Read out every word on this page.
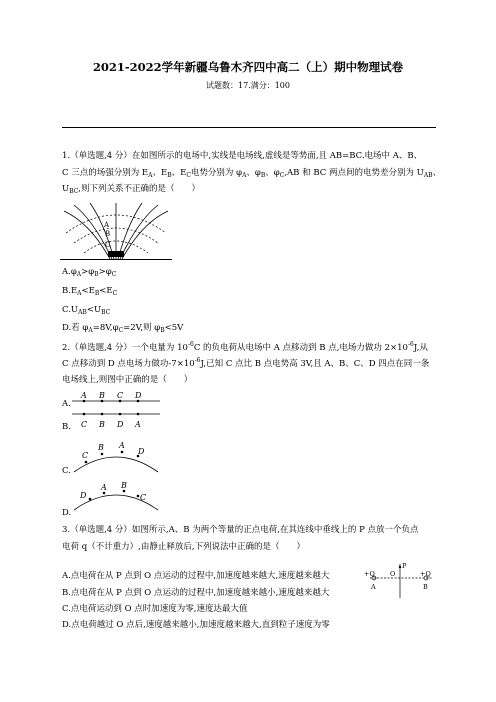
2021-2022学年新疆乌鲁木齐四中高二（上）期中物理试卷
试题数：17.满分：100
1.（单选题,4 分）在如图所示的电场中,实线是电场线,虚线是等势面,且 AB=BC.电场中 A、B、
C 三点的场强分别为 $E_A$、$E_B$、$E_C$电势分别为 $\varphi_A$、$\varphi_B$、$\varphi_C,AB$ 和 BC 两点间的电势差分别为 $U_{AB}$、
$U_{BC}$,则下列关系不正确的是（　　）
A
B
C
$A.\varphi_A>\varphi_B>\varphi_C$
$B.E_A<E_B<E_C$
$C.U_{AB}<U_{BC}$
D.若 $\varphi_A=8V,\varphi_C=2V$,则 $\varphi_B<5V$
2.（单选题,4 分）一个电量为 $10^{-6}C$ 的负电荷从电场中 A 点移动到 B 点,电场力做功 $2\times 10^{-6}J$,从
C 点移动到 D 点电场力做功$-7\times 10^{-6}J$,已知 C 点比 B 点电势高 3V,且 A、B、C、D 四点在同一条
电场线上,则图中正确的是（　　）
A.
A B C D
B. C B D A
C.
C
B A
D
D.
D
A B
C
3.（单选题,4 分）如图所示,A、B 为两个等量的正点电荷,在其连线中垂线上的 P 点放一个负点
电荷 q（不计重力）,由静止释放后,下列说法中正确的是（　　）
A.点电荷在从 P 点到 O 点运动的过程中,加速度越来越大,速度越来越大
B.点电荷在从 P 点到 O 点运动的过程中,加速度越来越小,速度越来越大
C.点电荷运动到 O 点时加速度为零,速度达最大值
D.点电荷越过 O 点后,速度越来越小,加速度越来越大,直到粒子速度为零
P
O
+Q	+Q
A	B
